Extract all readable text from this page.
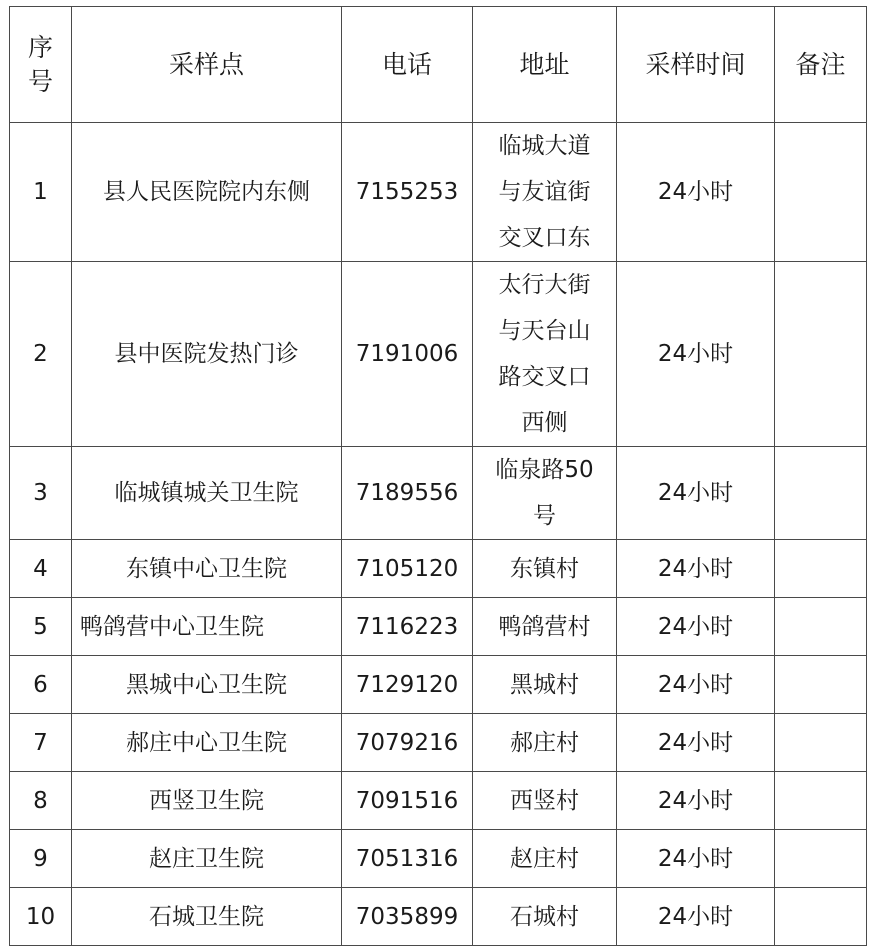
序
号	采样点	电话	地址	采样时间	备注
1	县人民医院院内东侧	7155253	临城大道
与友谊街
交叉口东	24小时	
2	县中医院发热门诊	7191006	太行大街
与天台山
路交叉口
西侧	24小时	
3	临城镇城关卫生院	7189556	临泉路50
号	24小时	
4	东镇中心卫生院	7105120	东镇村	24小时	
5	鸭鸽营中心卫生院	7116223	鸭鸽营村	24小时	
6	黑城中心卫生院	7129120	黑城村	24小时	
7	郝庄中心卫生院	7079216	郝庄村	24小时	
8	西竖卫生院	7091516	西竖村	24小时	
9	赵庄卫生院	7051316	赵庄村	24小时	
10	石城卫生院	7035899	石城村	24小时	
